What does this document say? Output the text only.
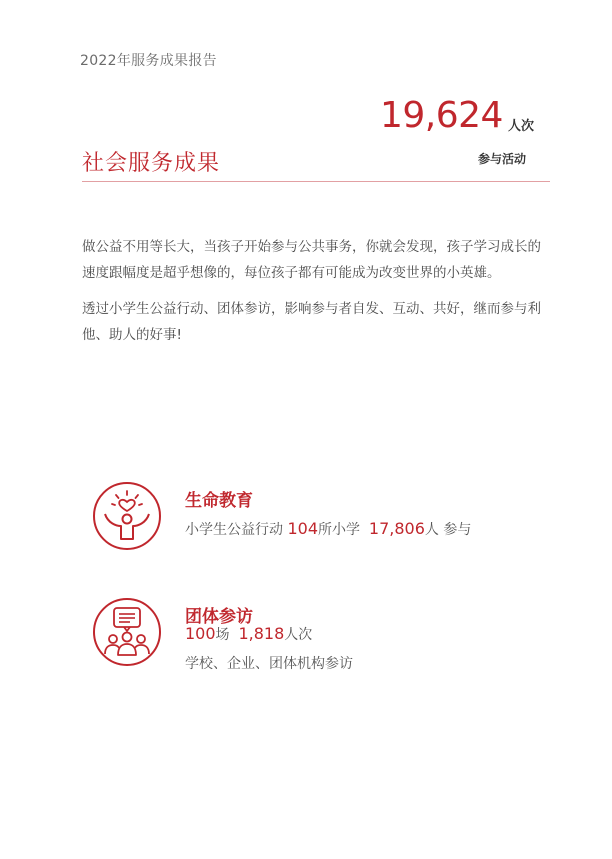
2022年服务成果报告
19,624 人次
参与活动
社会服务成果

做公益不用等长大，当孩子开始参与公共事务，你就会发现，孩子学习成长的速度跟幅度是超乎想像的，每位孩子都有可能成为改变世界的小英雄。

透过小学生公益行动、团体参访，影响参与者自发、互动、共好，继而参与利他、助人的好事!

生命教育
小学生公益行动 104所小学 17,806人 参与
团体参访
100场 1,818人次
学校、企业、团体机构参访
